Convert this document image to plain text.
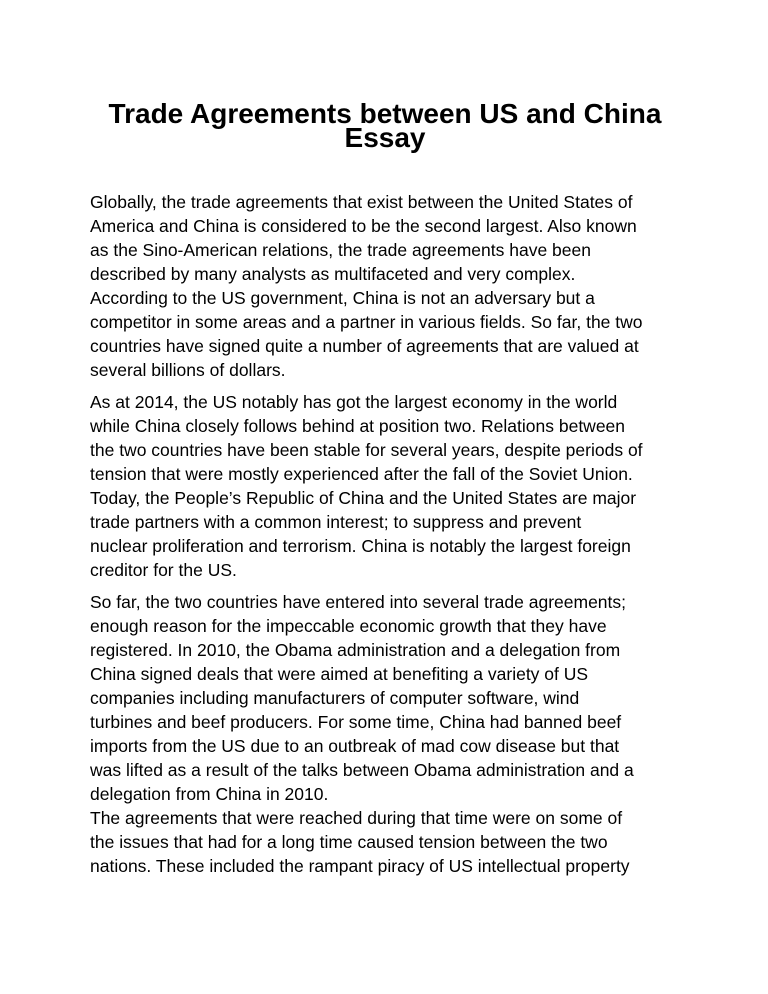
Trade Agreements between US and China
Essay

Globally, the trade agreements that exist between the United States of
America and China is considered to be the second largest. Also known
as the Sino-American relations, the trade agreements have been
described by many analysts as multifaceted and very complex.
According to the US government, China is not an adversary but a
competitor in some areas and a partner in various fields. So far, the two
countries have signed quite a number of agreements that are valued at
several billions of dollars.

As at 2014, the US notably has got the largest economy in the world
while China closely follows behind at position two. Relations between
the two countries have been stable for several years, despite periods of
tension that were mostly experienced after the fall of the Soviet Union.
Today, the People’s Republic of China and the United States are major
trade partners with a common interest; to suppress and prevent
nuclear proliferation and terrorism. China is notably the largest foreign
creditor for the US.

So far, the two countries have entered into several trade agreements;
enough reason for the impeccable economic growth that they have
registered. In 2010, the Obama administration and a delegation from
China signed deals that were aimed at benefiting a variety of US
companies including manufacturers of computer software, wind
turbines and beef producers. For some time, China had banned beef
imports from the US due to an outbreak of mad cow disease but that
was lifted as a result of the talks between Obama administration and a
delegation from China in 2010.

The agreements that were reached during that time were on some of
the issues that had for a long time caused tension between the two
nations. These included the rampant piracy of US intellectual property
